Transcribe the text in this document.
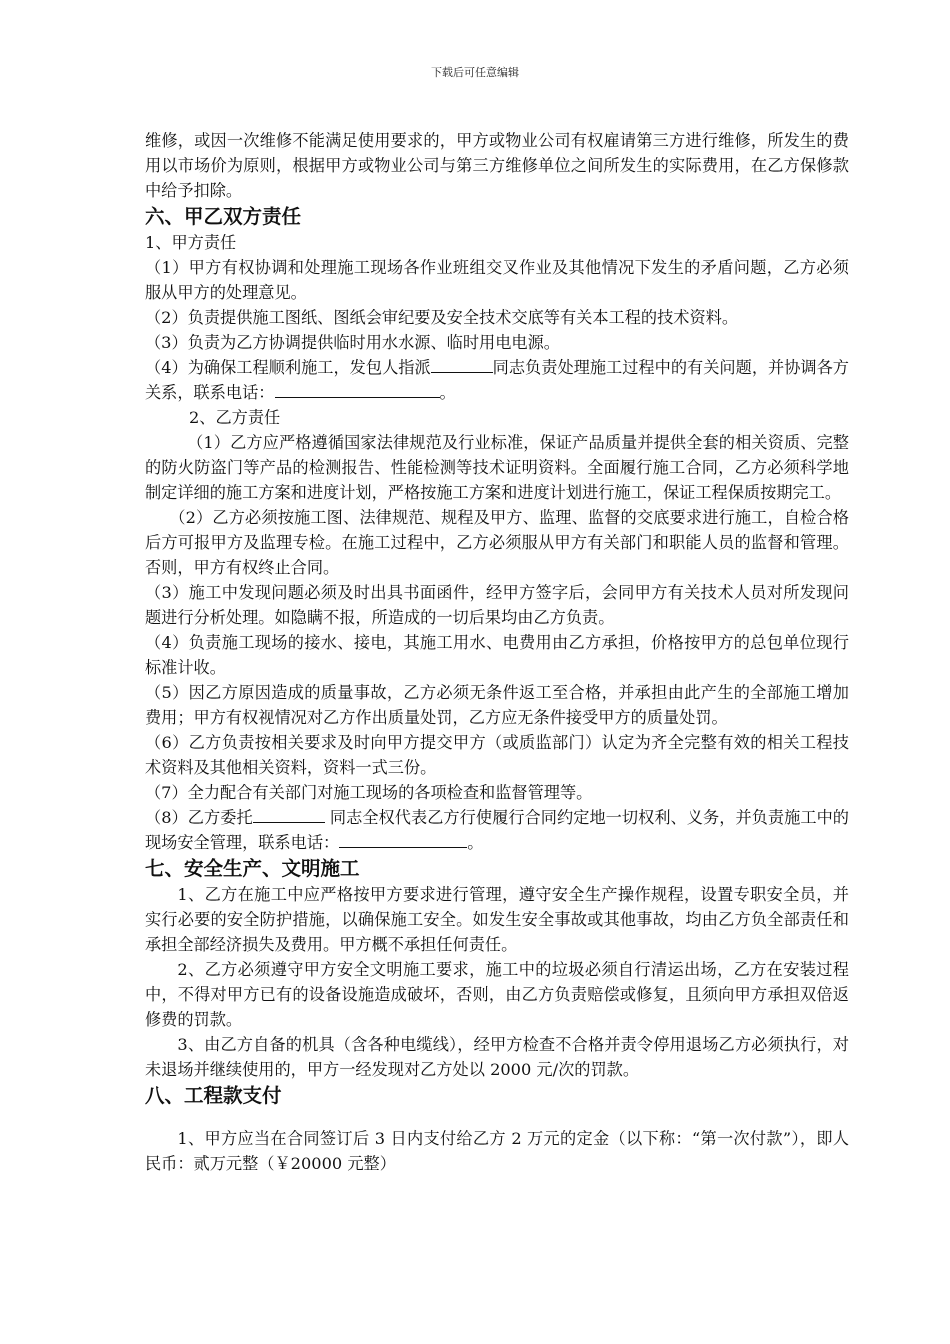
下载后可任意编辑

维修，或因一次维修不能满足使用要求的，甲方或物业公司有权雇请第三方进行维修，所发生的费用以市场价为原则，根据甲方或物业公司与第三方维修单位之间所发生的实际费用，在乙方保修款中给予扣除。

六、甲乙双方责任

1、甲方责任

（1）甲方有权协调和处理施工现场各作业班组交叉作业及其他情况下发生的矛盾问题，乙方必须服从甲方的处理意见。

（2）负责提供施工图纸、图纸会审纪要及安全技术交底等有关本工程的技术资料。

（3）负责为乙方协调提供临时用水水源、临时用电电源。

（4）为确保工程顺利施工，发包人指派	同志负责处理施工过程中的有关问题，并协调各方关系，联系电话：	。

2、乙方责任

（1）乙方应严格遵循国家法律规范及行业标准，保证产品质量并提供全套的相关资质、完整的防火防盗门等产品的检测报告、性能检测等技术证明资料。全面履行施工合同，乙方必须科学地制定详细的施工方案和进度计划，严格按施工方案和进度计划进行施工，保证工程保质按期完工。

（2）乙方必须按施工图、法律规范、规程及甲方、监理、监督的交底要求进行施工，自检合格后方可报甲方及监理专检。在施工过程中，乙方必须服从甲方有关部门和职能人员的监督和管理。否则，甲方有权终止合同。

（3）施工中发现问题必须及时出具书面函件，经甲方签字后，会同甲方有关技术人员对所发现问题进行分析处理。如隐瞒不报，所造成的一切后果均由乙方负责。

（4）负责施工现场的接水、接电，其施工用水、电费用由乙方承担，价格按甲方的总包单位现行标准计收。

（5）因乙方原因造成的质量事故，乙方必须无条件返工至合格，并承担由此产生的全部施工增加费用；甲方有权视情况对乙方作出质量处罚，乙方应无条件接受甲方的质量处罚。

（6）乙方负责按相关要求及时向甲方提交甲方（或质监部门）认定为齐全完整有效的相关工程技术资料及其他相关资料，资料一式三份。

（7）全力配合有关部门对施工现场的各项检查和监督管理等。

（8）乙方委托	同志全权代表乙方行使履行合同约定地一切权利、义务，并负责施工中的现场安全管理，联系电话：	。

七、安全生产、文明施工

1、乙方在施工中应严格按甲方要求进行管理，遵守安全生产操作规程，设置专职安全员，并实行必要的安全防护措施，以确保施工安全。如发生安全事故或其他事故，均由乙方负全部责任和承担全部经济损失及费用。甲方概不承担任何责任。

2、乙方必须遵守甲方安全文明施工要求，施工中的垃圾必须自行清运出场，乙方在安装过程中，不得对甲方已有的设备设施造成破坏，否则，由乙方负责赔偿或修复，且须向甲方承担双倍返修费的罚款。

3、由乙方自备的机具（含各种电缆线），经甲方检查不合格并责令停用退场乙方必须执行，对未退场并继续使用的，甲方一经发现对乙方处以 2000 元/次的罚款。

八、工程款支付

1、甲方应当在合同签订后 3 日内支付给乙方 2 万元的定金（以下称：“第一次付款”），即人民币：贰万元整（￥20000 元整）
